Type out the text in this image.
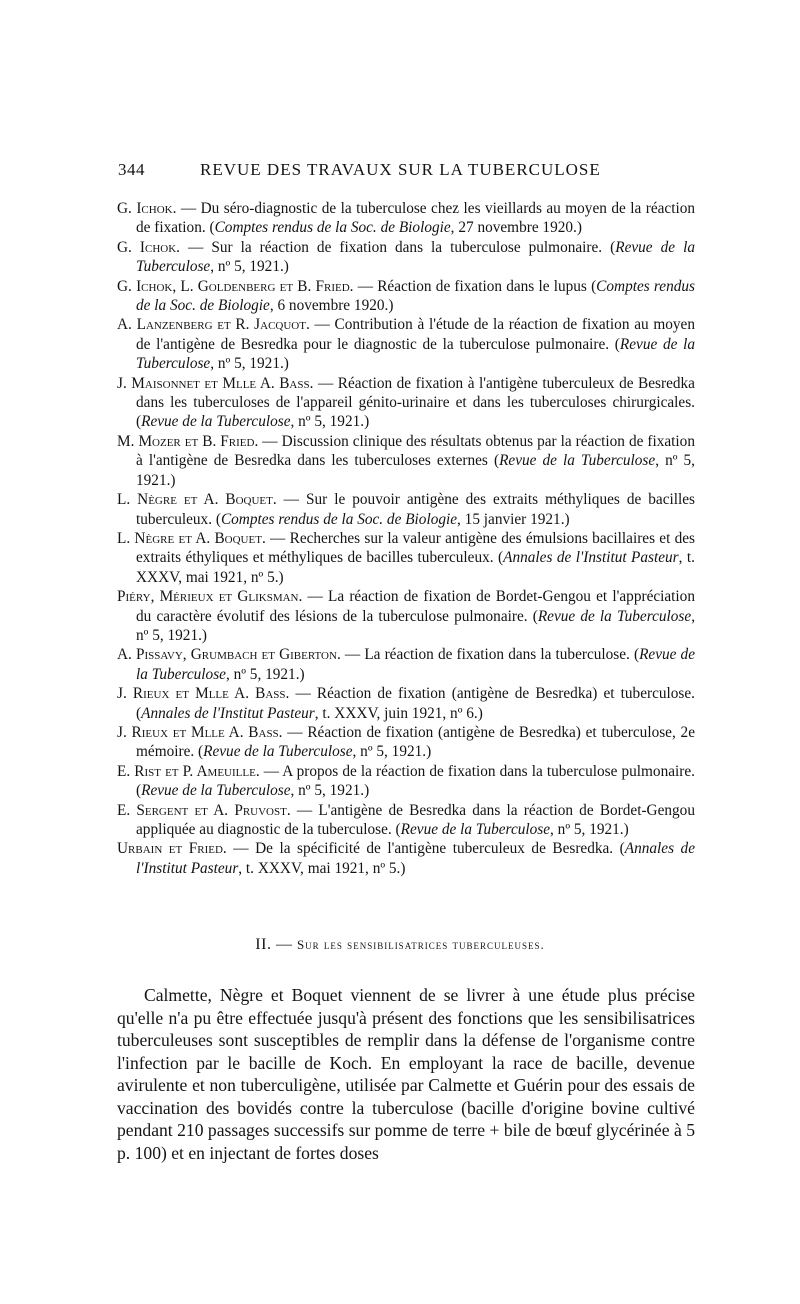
344	REVUE DES TRAVAUX SUR LA TUBERCULOSE
G. Ichok. — Du séro-diagnostic de la tuberculose chez les vieillards au moyen de la réaction de fixation. (Comptes rendus de la Soc. de Biologie, 27 novembre 1920.)
G. Ichok. — Sur la réaction de fixation dans la tuberculose pulmonaire. (Revue de la Tuberculose, nº 5, 1921.)
G. Ichok, L. Goldenberg et B. Fried. — Réaction de fixation dans le lupus (Comptes rendus de la Soc. de Biologie, 6 novembre 1920.)
A. Lanzenberg et R. Jacquot. — Contribution à l'étude de la réaction de fixation au moyen de l'antigène de Besredka pour le diagnostic de la tuberculose pulmonaire. (Revue de la Tuberculose, nº 5, 1921.)
J. Maisonnet et Mlle A. Bass. — Réaction de fixation à l'antigène tuberculeux de Besredka dans les tuberculoses de l'appareil génito-urinaire et dans les tuberculoses chirurgicales. (Revue de la Tuberculose, nº 5, 1921.)
M. Mozer et B. Fried. — Discussion clinique des résultats obtenus par la réaction de fixation à l'antigène de Besredka dans les tuberculoses externes (Revue de la Tuberculose, nº 5, 1921.)
L. Nègre et A. Boquet. — Sur le pouvoir antigène des extraits méthyliques de bacilles tuberculeux. (Comptes rendus de la Soc. de Biologie, 15 janvier 1921.)
L. Nègre et A. Boquet. — Recherches sur la valeur antigène des émulsions bacillaires et des extraits éthyliques et méthyliques de bacilles tuberculeux. (Annales de l'Institut Pasteur, t. XXXV, mai 1921, nº 5.)
Piéry, Mérieux et Gliksman. — La réaction de fixation de Bordet-Gengou et l'appréciation du caractère évolutif des lésions de la tuberculose pulmonaire. (Revue de la Tuberculose, nº 5, 1921.)
A. Pissavy, Grumbach et Giberton. — La réaction de fixation dans la tuberculose. (Revue de la Tuberculose, nº 5, 1921.)
J. Rieux et Mlle A. Bass. — Réaction de fixation (antigène de Besredka) et tuberculose. (Annales de l'Institut Pasteur, t. XXXV, juin 1921, nº 6.)
J. Rieux et Mlle A. Bass. — Réaction de fixation (antigène de Besredka) et tuberculose, 2e mémoire. (Revue de la Tuberculose, nº 5, 1921.)
E. Rist et P. Ameuille. — A propos de la réaction de fixation dans la tuberculose pulmonaire. (Revue de la Tuberculose, nº 5, 1921.)
E. Sergent et A. Pruvost. — L'antigène de Besredka dans la réaction de Bordet-Gengou appliquée au diagnostic de la tuberculose. (Revue de la Tuberculose, nº 5, 1921.)
Urbain et Fried. — De la spécificité de l'antigène tuberculeux de Besredka. (Annales de l'Institut Pasteur, t. XXXV, mai 1921, nº 5.)
II. — Sur les sensibilisatrices tuberculeuses.

Calmette, Nègre et Boquet viennent de se livrer à une étude plus précise qu'elle n'a pu être effectuée jusqu'à présent des fonctions que les sensibilisatrices tuberculeuses sont susceptibles de remplir dans la défense de l'organisme contre l'infection par le bacille de Koch. En employant la race de bacille, devenue avirulente et non tuberculigène, utilisée par Calmette et Guérin pour des essais de vaccination des bovidés contre la tuberculose (bacille d'origine bovine cultivé pendant 210 passages successifs sur pomme de terre + bile de bœuf glycérinée à 5 p. 100) et en injectant de fortes doses
